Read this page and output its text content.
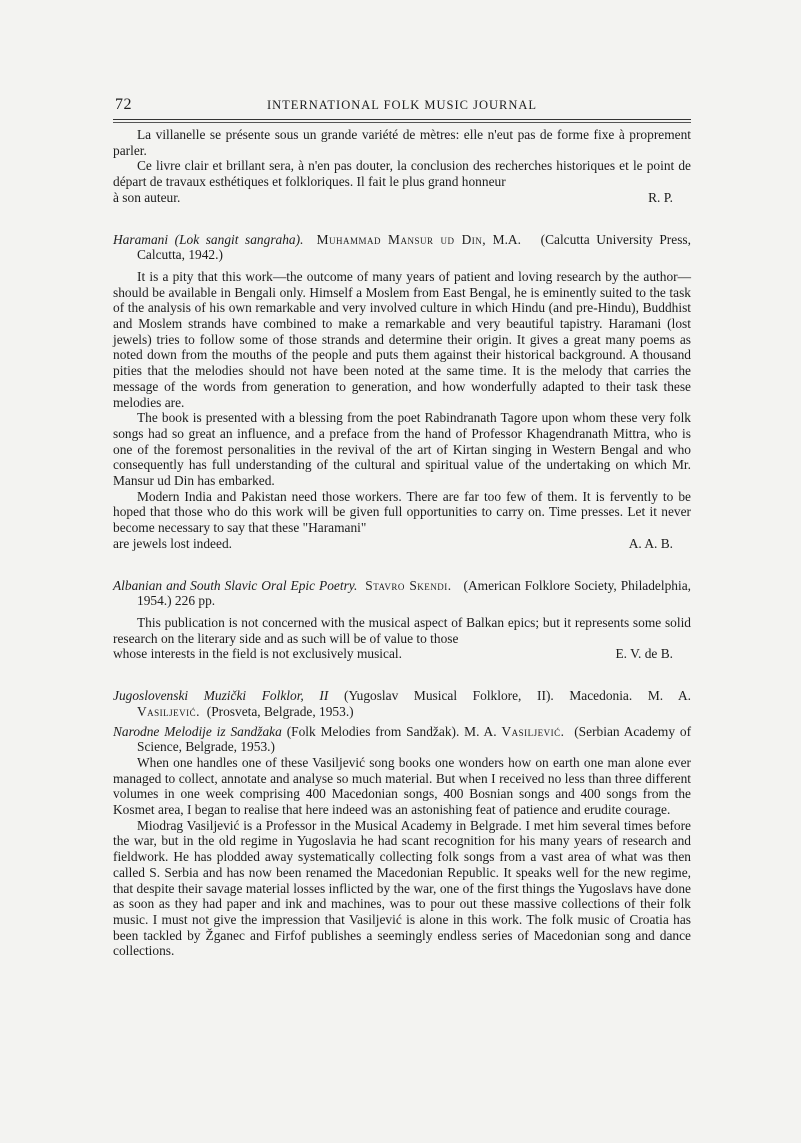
72	INTERNATIONAL FOLK MUSIC JOURNAL

La villanelle se présente sous un grande variété de mètres: elle n'eut pas de forme fixe à proprement parler.

Ce livre clair et brillant sera, à n'en pas douter, la conclusion des recherches historiques et le point de départ de travaux esthétiques et folkloriques. Il fait le plus grand honneur

à son auteur.	R. P.

Haramani (Lok sangit sangraha). Muhammad Mansur ud Din, M.A. (Calcutta University Press, Calcutta, 1942.)

It is a pity that this work—the outcome of many years of patient and loving research by the author—should be available in Bengali only. Himself a Moslem from East Bengal, he is eminently suited to the task of the analysis of his own remarkable and very involved culture in which Hindu (and pre-Hindu), Buddhist and Moslem strands have combined to make a remarkable and very beautiful tapistry. Haramani (lost jewels) tries to follow some of those strands and determine their origin. It gives a great many poems as noted down from the mouths of the people and puts them against their historical background. A thousand pities that the melodies should not have been noted at the same time. It is the melody that carries the message of the words from generation to generation, and how wonderfully adapted to their task these melodies are.

The book is presented with a blessing from the poet Rabindranath Tagore upon whom these very folk songs had so great an influence, and a preface from the hand of Professor Khagendranath Mittra, who is one of the foremost personalities in the revival of the art of Kirtan singing in Western Bengal and who consequently has full understanding of the cultural and spiritual value of the undertaking on which Mr. Mansur ud Din has embarked.

Modern India and Pakistan need those workers. There are far too few of them. It is fervently to be hoped that those who do this work will be given full opportunities to carry on. Time presses. Let it never become necessary to say that these "Haramani"

are jewels lost indeed.	A. A. B.

Albanian and South Slavic Oral Epic Poetry. Stavro Skendi. (American Folklore Society, Philadelphia, 1954.) 226 pp.

This publication is not concerned with the musical aspect of Balkan epics; but it represents some solid research on the literary side and as such will be of value to those

whose interests in the field is not exclusively musical.	E. V. de B.

Jugoslovenski Muzički Folklor, II (Yugoslav Musical Folklore, II). Macedonia. M. A. Vasiljević. (Prosveta, Belgrade, 1953.)

Narodne Melodije iz Sandžaka (Folk Melodies from Sandžak). M. A. Vasiljević. (Serbian Academy of Science, Belgrade, 1953.)

When one handles one of these Vasiljević song books one wonders how on earth one man alone ever managed to collect, annotate and analyse so much material. But when I received no less than three different volumes in one week comprising 400 Macedonian songs, 400 Bosnian songs and 400 songs from the Kosmet area, I began to realise that here indeed was an astonishing feat of patience and erudite courage.

Miodrag Vasiljević is a Professor in the Musical Academy in Belgrade. I met him several times before the war, but in the old regime in Yugoslavia he had scant recognition for his many years of research and fieldwork. He has plodded away systematically collecting folk songs from a vast area of what was then called S. Serbia and has now been renamed the Macedonian Republic. It speaks well for the new regime, that despite their savage material losses inflicted by the war, one of the first things the Yugoslavs have done as soon as they had paper and ink and machines, was to pour out these massive collections of their folk music. I must not give the impression that Vasiljević is alone in this work. The folk music of Croatia has been tackled by Žganec and Firfof publishes a seemingly endless series of Macedonian song and dance collections.
